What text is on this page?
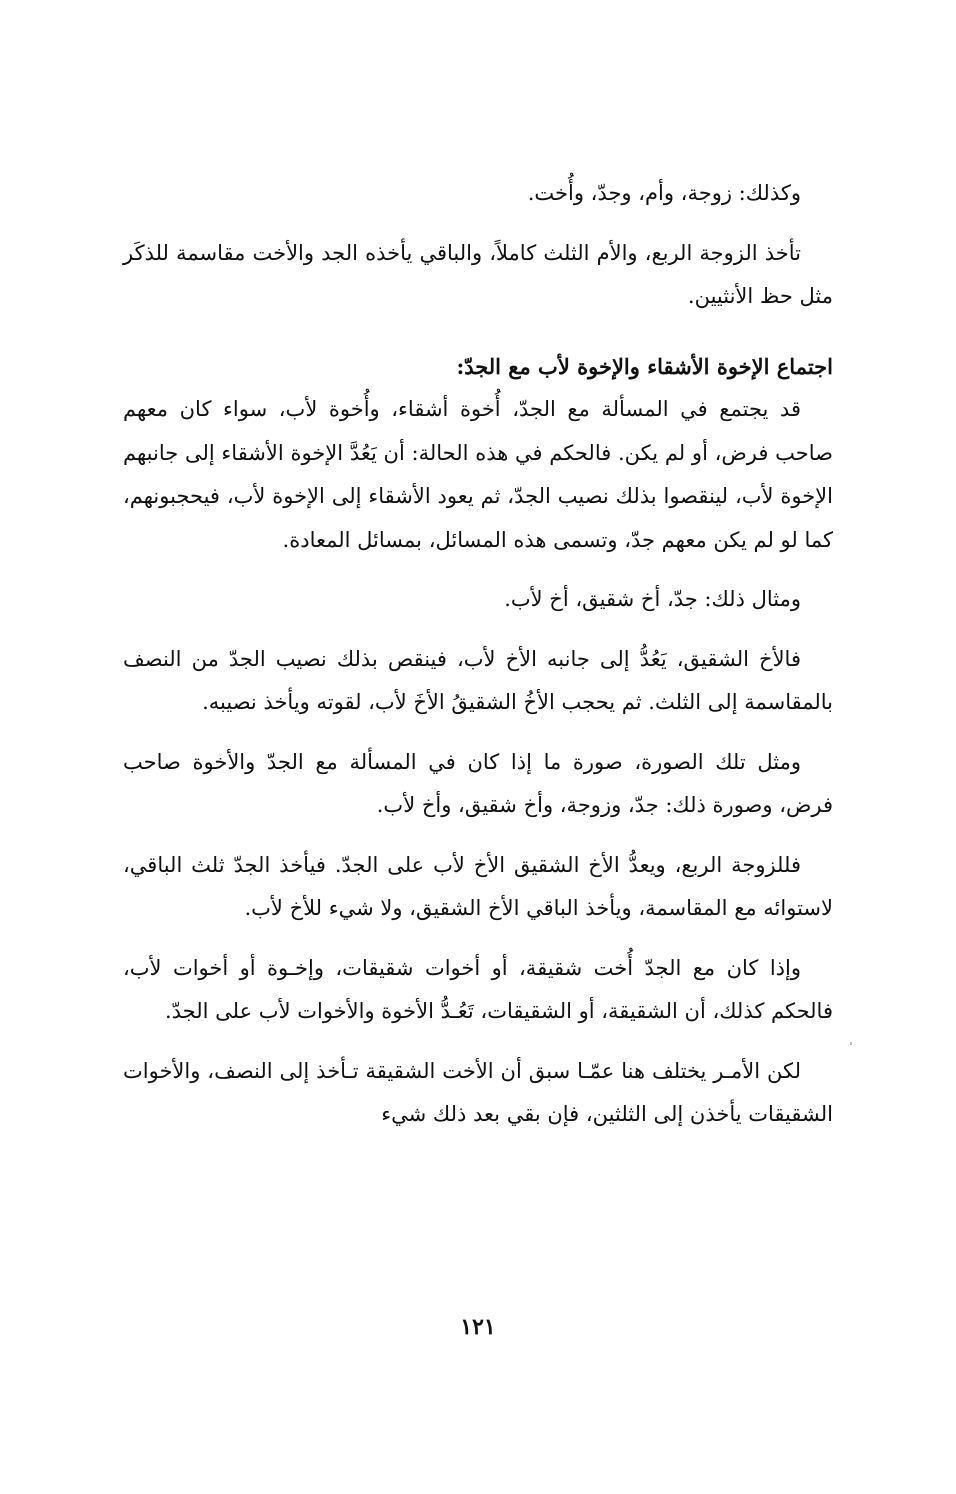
وكذلك: زوجة، وأم، وجدّ، وأُخت.

تأخذ الزوجة الربع، والأم الثلث كاملاً، والباقي يأخذه الجد والأخت مقاسمة للذكَر مثل حظ الأنثيين.

اجتماع الإخوة الأشقاء والإخوة لأب مع الجدّ:

قد يجتمع في المسألة مع الجدّ، أُخوة أشقاء، وأُخوة لأب، سواء كان معهم صاحب فرض، أو لم يكن. فالحكم في هذه الحالة: أن يَعُدَّ الإخوة الأشقاء إلى جانبهم الإخوة لأب، لينقصوا بذلك نصيب الجدّ، ثم يعود الأشقاء إلى الإخوة لأب، فيحجبونهم، كما لو لم يكن معهم جدّ، وتسمى هذه المسائل، بمسائل المعادة.

ومثال ذلك: جدّ، أخ شقيق، أخ لأب.

فالأخ الشقيق، يَعُدُّ إلى جانبه الأخ لأب، فينقص بذلك نصيب الجدّ من النصف بالمقاسمة إلى الثلث. ثم يحجب الأخُ الشقيقُ الأخَ لأب، لقوته ويأخذ نصيبه.

ومثل تلك الصورة، صورة ما إذا كان في المسألة مع الجدّ والأخوة صاحب فرض، وصورة ذلك: جدّ، وزوجة، وأخ شقيق، وأخ لأب.

فللزوجة الربع، ويعدُّ الأخ الشقيق الأخ لأب على الجدّ. فيأخذ الجدّ ثلث الباقي، لاستوائه مع المقاسمة، ويأخذ الباقي الأخ الشقيق، ولا شيء للأخ لأب.

وإذا كان مع الجدّ أُخت شقيقة، أو أخوات شقيقات، وإخـوة أو أخوات لأب، فالحكم كذلك، أن الشقيقة، أو الشقيقات، تَعُـدُّ الأخوة والأخوات لأب على الجدّ.

لكن الأمـر يختلف هنا عمّـا سبق أن الأخت الشقيقة تـأخذ إلى النصف، والأخوات الشقيقات يأخذن إلى الثلثين، فإن بقي بعد ذلك شيء

١٢١
